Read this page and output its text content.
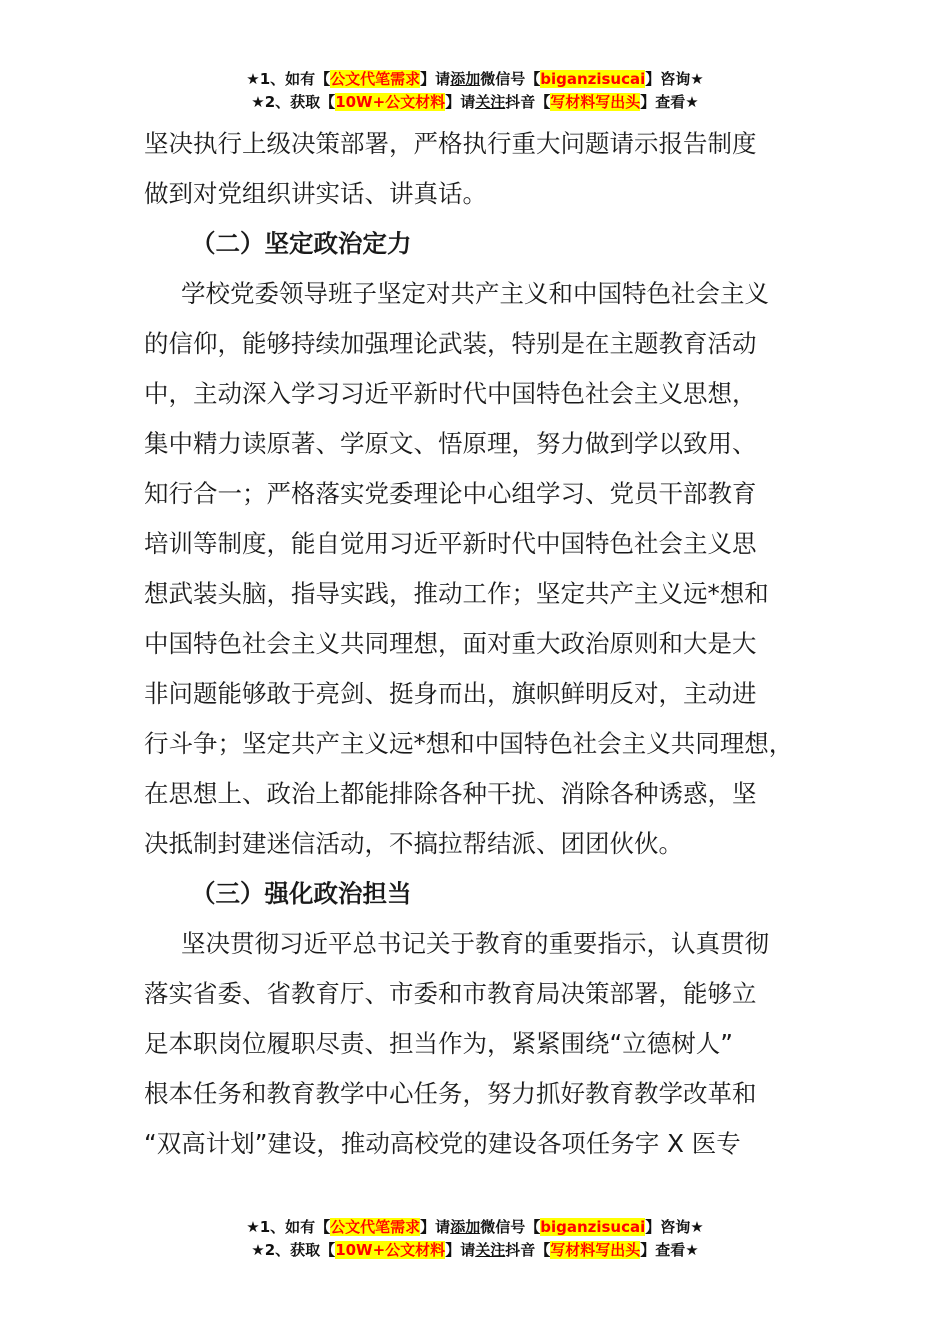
★1、如有【公文代笔需求】请添加微信号【biganzisucai】咨询★
★2、获取【10W+公文材料】请关注抖音【写材料写出头】查看★

坚决执行上级决策部署，严格执行重大问题请示报告制度

做到对党组织讲实话、讲真话。

（二）坚定政治定力

学校党委领导班子坚定对共产主义和中国特色社会主义

的信仰，能够持续加强理论武装，特别是在主题教育活动

中，主动深入学习习近平新时代中国特色社会主义思想，

集中精力读原著、学原文、悟原理，努力做到学以致用、

知行合一；严格落实党委理论中心组学习、党员干部教育

培训等制度，能自觉用习近平新时代中国特色社会主义思

想武装头脑，指导实践，推动工作；坚定共产主义远*想和

中国特色社会主义共同理想，面对重大政治原则和大是大

非问题能够敢于亮剑、挺身而出，旗帜鲜明反对，主动进

行斗争；坚定共产主义远*想和中国特色社会主义共同理想，

在思想上、政治上都能排除各种干扰、消除各种诱惑，坚

决抵制封建迷信活动，不搞拉帮结派、团团伙伙。

（三）强化政治担当

坚决贯彻习近平总书记关于教育的重要指示，认真贯彻

落实省委、省教育厅、市委和市教育局决策部署，能够立

足本职岗位履职尽责、担当作为，紧紧围绕“立德树人”

根本任务和教育教学中心任务，努力抓好教育教学改革和

“双高计划”建设，推动高校党的建设各项任务字 X 医专

★1、如有【公文代笔需求】请添加微信号【biganzisucai】咨询★
★2、获取【10W+公文材料】请关注抖音【写材料写出头】查看★
